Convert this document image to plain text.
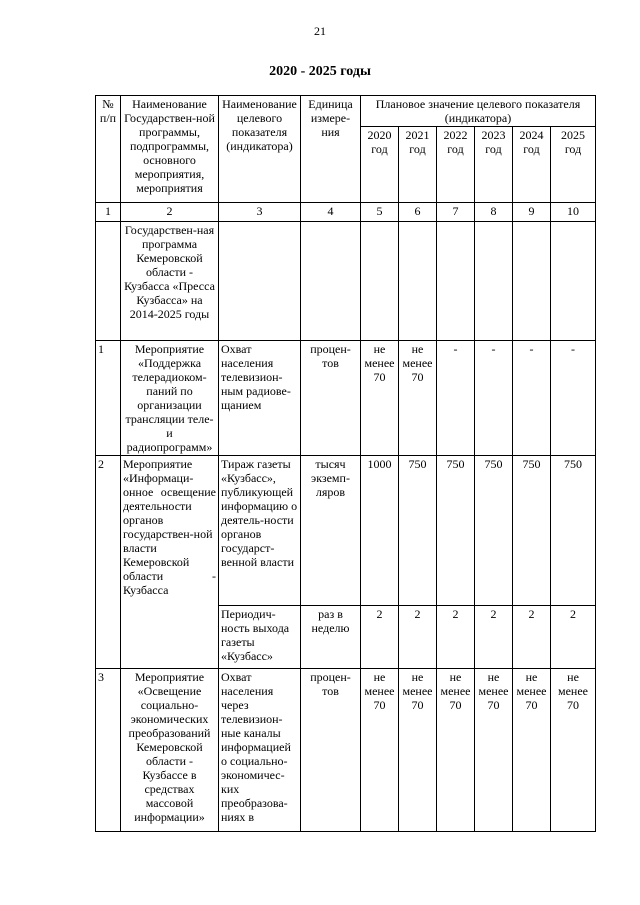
21
2020 - 2025 годы
№ п/п	Наименование Государствен-ной программы, подпрограммы, основного мероприятия, мероприятия	Наименование целевого показателя (индикатора)	Единица измере-ния	Плановое значение целевого показателя (индикатора)					
				2020 год	2021 год	2022 год	2023 год	2024 год	2025 год
1	2	3	4	5	6	7	8	9	10
	Государствен-ная программа Кемеровской области - Кузбасса «Пресса Кузбасса» на 2014-2025 годы								
1	Мероприятие «Поддержка телерадиоком-паний по организации трансляции теле- и радиопрограмм»	Охват населения телевизион-ным радиове-щанием	процен-тов	не менее 70	не менее 70	-	-	-	-
2	Мероприятие «Информаци-онное освещение деятельности органов государствен-ной власти Кемеровской области - Кузбасса	Тираж газеты «Кузбасс», публикующей информацию о деятель-ности органов государст-венной власти	тысяч экземп-ляров	1000	750	750	750	750	750
		Периодич-ность выхода газеты «Кузбасс»	раз в неделю	2	2	2	2	2	2
3	Мероприятие «Освещение социально-экономических преобразований Кемеровской области - Кузбассе в средствах массовой информации»	Охват населения через телевизион-ные каналы информацией о социально-экономичес-ких преобразова-ниях в	процен-тов	не менее 70	не менее 70	не менее 70	не менее 70	не менее 70	не менее 70
